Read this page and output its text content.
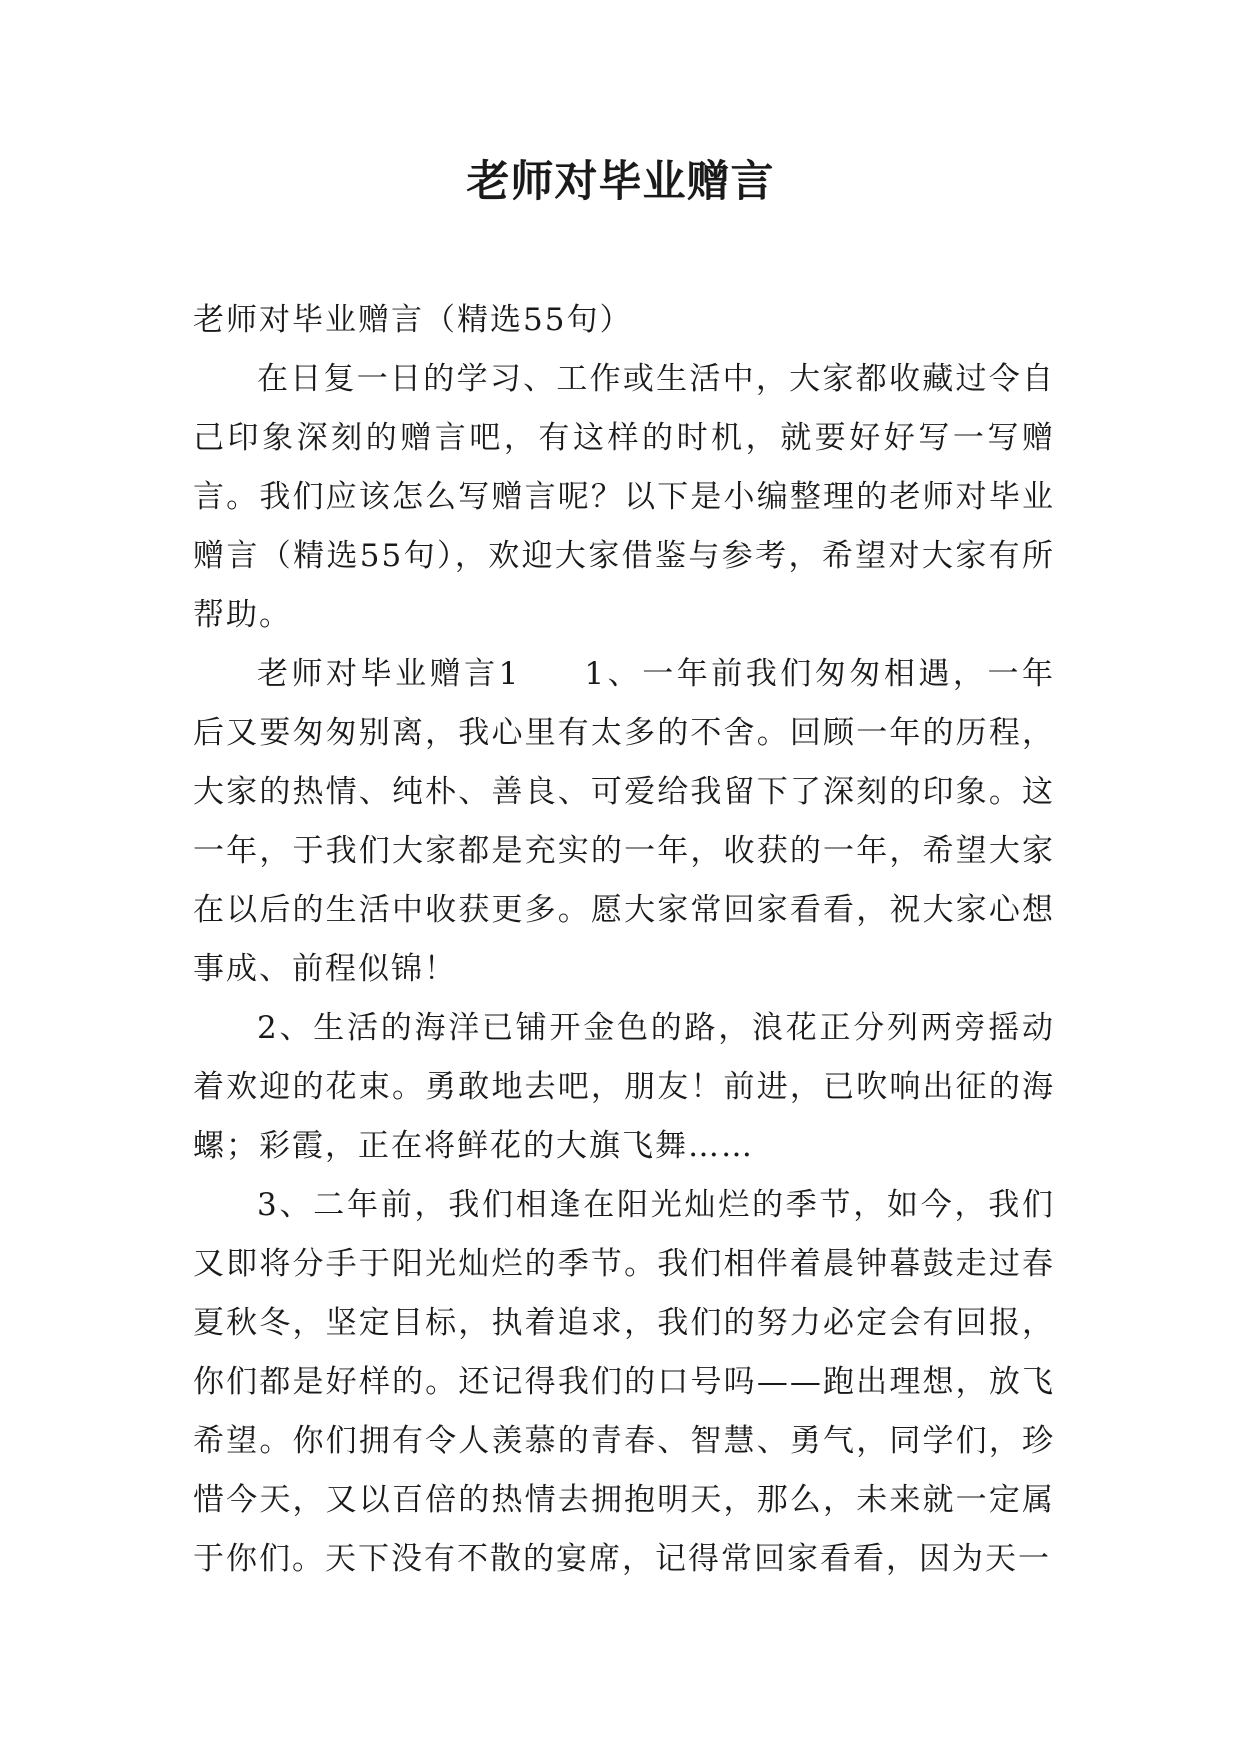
老师对毕业赠言

老师对毕业赠言（精选55句）

在日复一日的学习、工作或生活中，大家都收藏过令自己印象深刻的赠言吧，有这样的时机，就要好好写一写赠言。我们应该怎么写赠言呢？以下是小编整理的老师对毕业赠言（精选55句），欢迎大家借鉴与参考，希望对大家有所帮助。

老师对毕业赠言1 1、一年前我们匆匆相遇，一年后又要匆匆别离，我心里有太多的不舍。回顾一年的历程，大家的热情、纯朴、善良、可爱给我留下了深刻的印象。这一年，于我们大家都是充实的一年，收获的一年，希望大家在以后的生活中收获更多。愿大家常回家看看，祝大家心想事成、前程似锦！

2、生活的海洋已铺开金色的路，浪花正分列两旁摇动着欢迎的花束。勇敢地去吧，朋友！前进，已吹响出征的海螺；彩霞，正在将鲜花的大旗飞舞……

3、二年前，我们相逢在阳光灿烂的季节，如今，我们又即将分手于阳光灿烂的季节。我们相伴着晨钟暮鼓走过春夏秋冬，坚定目标，执着追求，我们的努力必定会有回报，你们都是好样的。还记得我们的口号吗——跑出理想，放飞希望。你们拥有令人羡慕的青春、智慧、勇气，同学们，珍惜今天，又以百倍的热情去拥抱明天，那么，未来就一定属于你们。天下没有不散的宴席，记得常回家看看，因为天一
